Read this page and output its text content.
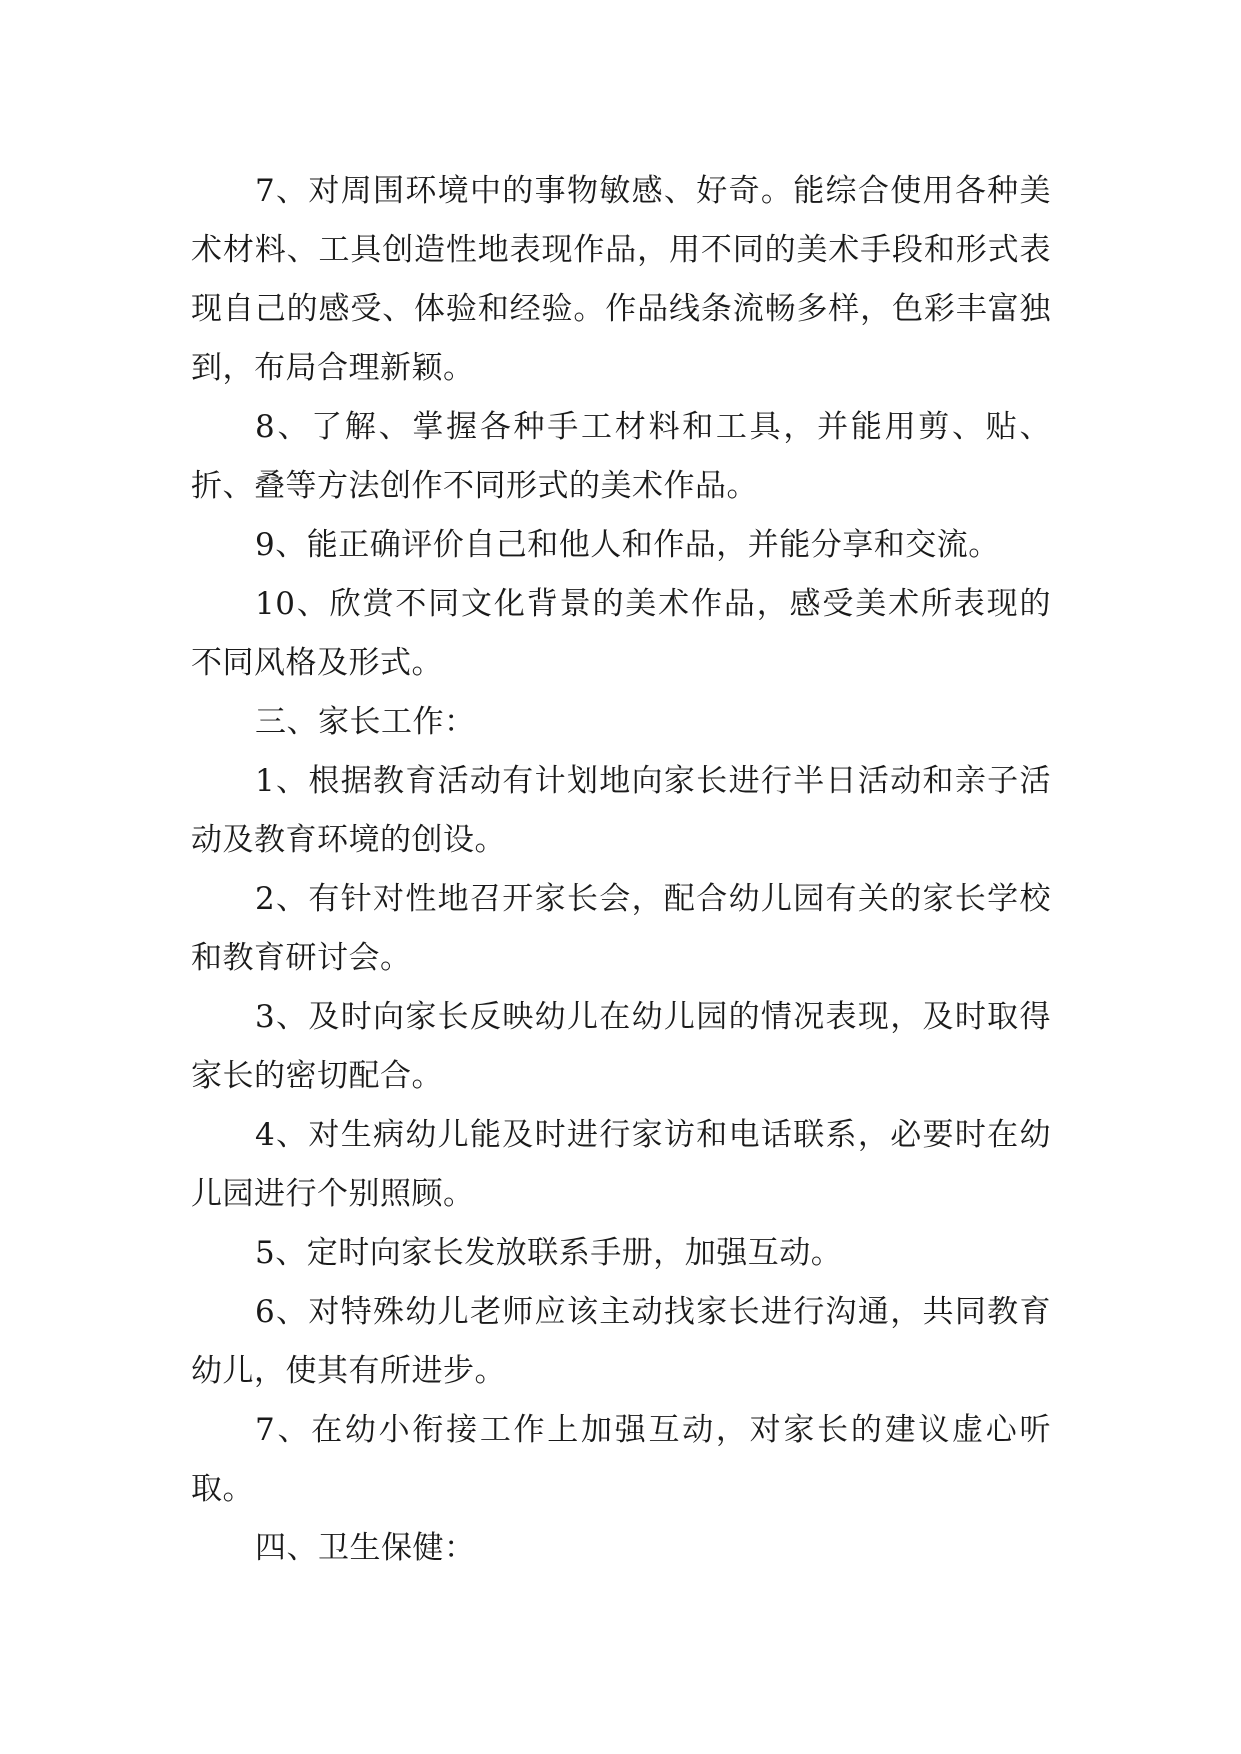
7、对周围环境中的事物敏感、好奇。能综合使用各种美术材料、工具创造性地表现作品，用不同的美术手段和形式表现自己的感受、体验和经验。作品线条流畅多样，色彩丰富独到，布局合理新颖。

8、了解、掌握各种手工材料和工具，并能用剪、贴、折、叠等方法创作不同形式的美术作品。

9、能正确评价自己和他人和作品，并能分享和交流。

10、欣赏不同文化背景的美术作品，感受美术所表现的不同风格及形式。

三、家长工作：

1、根据教育活动有计划地向家长进行半日活动和亲子活动及教育环境的创设。

2、有针对性地召开家长会，配合幼儿园有关的家长学校和教育研讨会。

3、及时向家长反映幼儿在幼儿园的情况表现，及时取得家长的密切配合。

4、对生病幼儿能及时进行家访和电话联系，必要时在幼儿园进行个别照顾。

5、定时向家长发放联系手册，加强互动。

6、对特殊幼儿老师应该主动找家长进行沟通，共同教育幼儿，使其有所进步。

7、在幼小衔接工作上加强互动，对家长的建议虚心听取。

四、卫生保健：
